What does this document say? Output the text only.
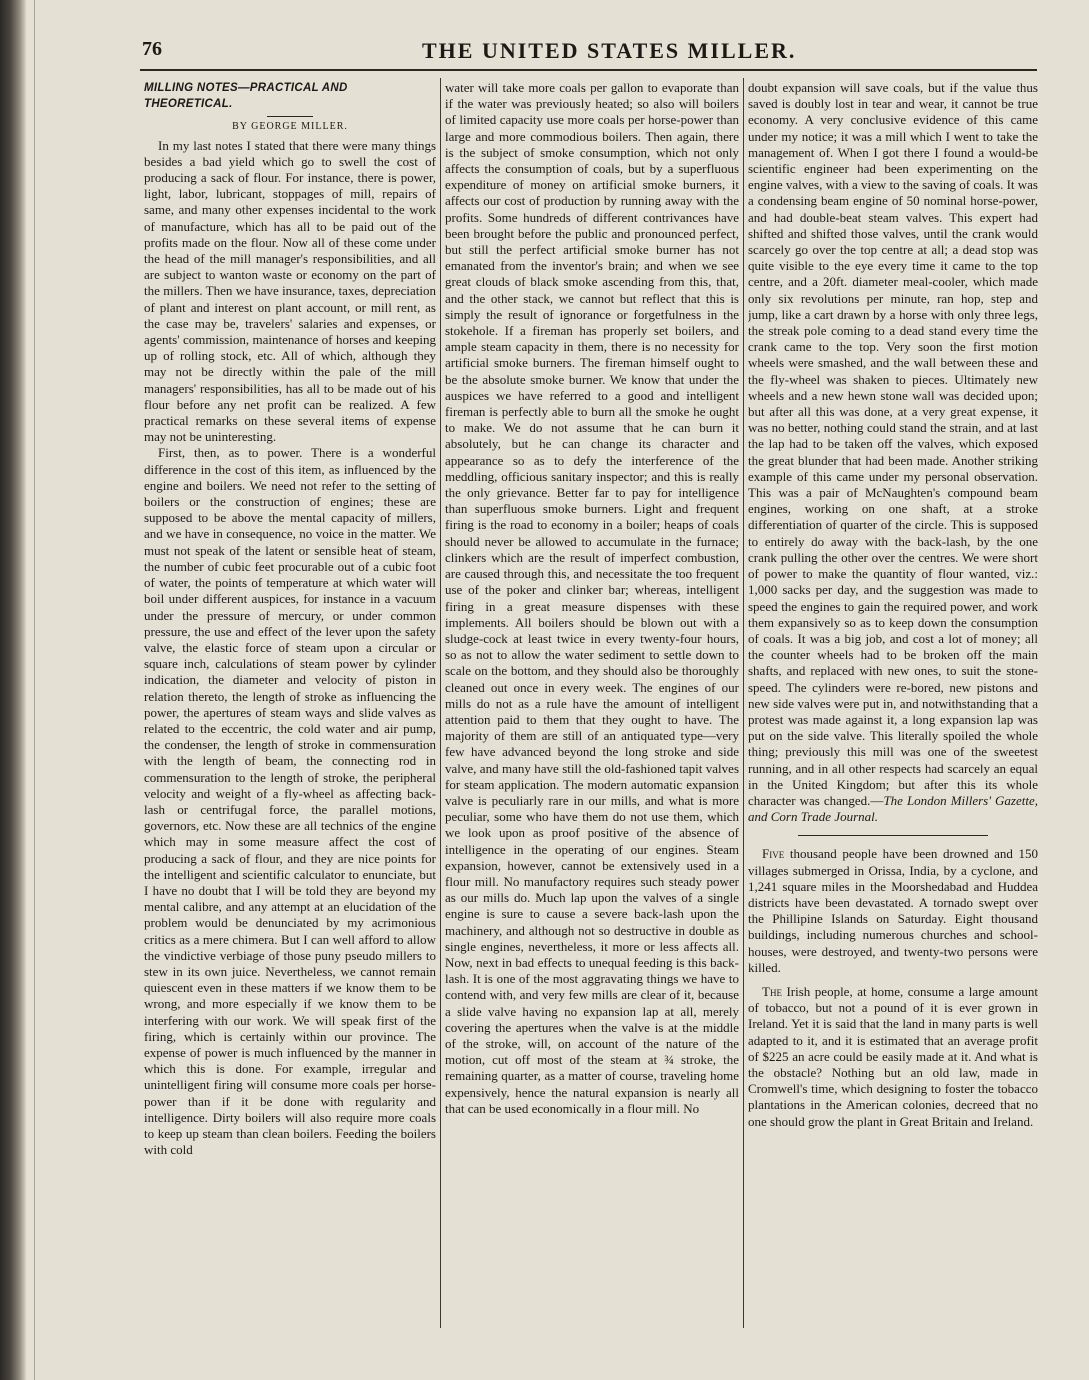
76	THE UNITED STATES MILLER.
MILLING NOTES—PRACTICAL AND THEORETICAL.
BY GEORGE MILLER.

In my last notes I stated that there were many things besides a bad yield which go to swell the cost of producing a sack of flour. For instance, there is power, light, labor, lubricant, stoppages of mill, repairs of same, and many other expenses incidental to the work of manufacture, which has all to be paid out of the profits made on the flour. Now all of these come under the head of the mill manager's responsibilities, and all are subject to wanton waste or economy on the part of the millers. Then we have insurance, taxes, depreciation of plant and interest on plant account, or mill rent, as the case may be, travelers' salaries and expenses, or agents' commission, maintenance of horses and keeping up of rolling stock, etc. All of which, although they may not be directly within the pale of the mill managers' responsibilities, has all to be made out of his flour before any net profit can be realized. A few practical remarks on these several items of expense may not be uninteresting.

First, then, as to power. There is a wonderful difference in the cost of this item, as influenced by the engine and boilers. We need not refer to the setting of boilers or the construction of engines; these are supposed to be above the mental capacity of millers, and we have in consequence, no voice in the matter. We must not speak of the latent or sensible heat of steam, the number of cubic feet procurable out of a cubic foot of water, the points of temperature at which water will boil under different auspices, for instance in a vacuum under the pressure of mercury, or under common pressure, the use and effect of the lever upon the safety valve, the elastic force of steam upon a circular or square inch, calculations of steam power by cylinder indication, the diameter and velocity of piston in relation thereto, the length of stroke as influencing the power, the apertures of steam ways and slide valves as related to the eccentric, the cold water and air pump, the condenser, the length of stroke in commensuration with the length of beam, the connecting rod in commensuration to the length of stroke, the peripheral velocity and weight of a fly-wheel as affecting back-lash or centrifugal force, the parallel motions, governors, etc. Now these are all technics of the engine which may in some measure affect the cost of producing a sack of flour, and they are nice points for the intelligent and scientific calculator to enunciate, but I have no doubt that I will be told they are beyond my mental calibre, and any attempt at an elucidation of the problem would be denunciated by my acrimonious critics as a mere chimera. But I can well afford to allow the vindictive verbiage of those puny pseudo millers to stew in its own juice. Nevertheless, we cannot remain quiescent even in these matters if we know them to be wrong, and more especially if we know them to be interfering with our work. We will speak first of the firing, which is certainly within our province. The expense of power is much influenced by the manner in which this is done. For example, irregular and unintelligent firing will consume more coals per horse-power than if it be done with regularity and intelligence. Dirty boilers will also require more coals to keep up steam than clean boilers. Feeding the boilers with cold

water will take more coals per gallon to evaporate than if the water was previously heated; so also will boilers of limited capacity use more coals per horse-power than large and more commodious boilers. Then again, there is the subject of smoke consumption, which not only affects the consumption of coals, but by a superfluous expenditure of money on artificial smoke burners, it affects our cost of production by running away with the profits. Some hundreds of different contrivances have been brought before the public and pronounced perfect, but still the perfect artificial smoke burner has not emanated from the inventor's brain; and when we see great clouds of black smoke ascending from this, that, and the other stack, we cannot but reflect that this is simply the result of ignorance or forgetfulness in the stokehole. If a fireman has properly set boilers, and ample steam capacity in them, there is no necessity for artificial smoke burners. The fireman himself ought to be the absolute smoke burner. We know that under the auspices we have referred to a good and intelligent fireman is perfectly able to burn all the smoke he ought to make. We do not assume that he can burn it absolutely, but he can change its character and appearance so as to defy the interference of the meddling, officious sanitary inspector; and this is really the only grievance. Better far to pay for intelligence than superfluous smoke burners. Light and frequent firing is the road to economy in a boiler; heaps of coals should never be allowed to accumulate in the furnace; clinkers which are the result of imperfect combustion, are caused through this, and necessitate the too frequent use of the poker and clinker bar; whereas, intelligent firing in a great measure dispenses with these implements. All boilers should be blown out with a sludge-cock at least twice in every twenty-four hours, so as not to allow the water sediment to settle down to scale on the bottom, and they should also be thoroughly cleaned out once in every week. The engines of our mills do not as a rule have the amount of intelligent attention paid to them that they ought to have. The majority of them are still of an antiquated type—very few have advanced beyond the long stroke and side valve, and many have still the old-fashioned tapit valves for steam application. The modern automatic expansion valve is peculiarly rare in our mills, and what is more peculiar, some who have them do not use them, which we look upon as proof positive of the absence of intelligence in the operating of our engines. Steam expansion, however, cannot be extensively used in a flour mill. No manufactory requires such steady power as our mills do. Much lap upon the valves of a single engine is sure to cause a severe back-lash upon the machinery, and although not so destructive in double as single engines, nevertheless, it more or less affects all. Now, next in bad effects to unequal feeding is this back-lash. It is one of the most aggravating things we have to contend with, and very few mills are clear of it, because a slide valve having no expansion lap at all, merely covering the apertures when the valve is at the middle of the stroke, will, on account of the nature of the motion, cut off most of the steam at ¾ stroke, the remaining quarter, as a matter of course, traveling home expensively, hence the natural expansion is nearly all that can be used economically in a flour mill. No

doubt expansion will save coals, but if the value thus saved is doubly lost in tear and wear, it cannot be true economy. A very conclusive evidence of this came under my notice; it was a mill which I went to take the management of. When I got there I found a would-be scientific engineer had been experimenting on the engine valves, with a view to the saving of coals. It was a condensing beam engine of 50 nominal horse-power, and had double-beat steam valves. This expert had shifted and shifted those valves, until the crank would scarcely go over the top centre at all; a dead stop was quite visible to the eye every time it came to the top centre, and a 20ft. diameter meal-cooler, which made only six revolutions per minute, ran hop, step and jump, like a cart drawn by a horse with only three legs, the streak pole coming to a dead stand every time the crank came to the top. Very soon the first motion wheels were smashed, and the wall between these and the fly-wheel was shaken to pieces. Ultimately new wheels and a new hewn stone wall was decided upon; but after all this was done, at a very great expense, it was no better, nothing could stand the strain, and at last the lap had to be taken off the valves, which exposed the great blunder that had been made. Another striking example of this came under my personal observation. This was a pair of McNaughten's compound beam engines, working on one shaft, at a stroke differentiation of quarter of the circle. This is supposed to entirely do away with the back-lash, by the one crank pulling the other over the centres. We were short of power to make the quantity of flour wanted, viz.: 1,000 sacks per day, and the suggestion was made to speed the engines to gain the required power, and work them expansively so as to keep down the consumption of coals. It was a big job, and cost a lot of money; all the counter wheels had to be broken off the main shafts, and replaced with new ones, to suit the stone-speed. The cylinders were re-bored, new pistons and new side valves were put in, and notwithstanding that a protest was made against it, a long expansion lap was put on the side valve. This literally spoiled the whole thing; previously this mill was one of the sweetest running, and in all other respects had scarcely an equal in the United Kingdom; but after this its whole character was changed.—The London Millers' Gazette, and Corn Trade Journal.

Five thousand people have been drowned and 150 villages submerged in Orissa, India, by a cyclone, and 1,241 square miles in the Moorshedabad and Huddea districts have been devastated. A tornado swept over the Phillipine Islands on Saturday. Eight thousand buildings, including numerous churches and school-houses, were destroyed, and twenty-two persons were killed.

The Irish people, at home, consume a large amount of tobacco, but not a pound of it is ever grown in Ireland. Yet it is said that the land in many parts is well adapted to it, and it is estimated that an average profit of $225 an acre could be easily made at it. And what is the obstacle? Nothing but an old law, made in Cromwell's time, which designing to foster the tobacco plantations in the American colonies, decreed that no one should grow the plant in Great Britain and Ireland.
